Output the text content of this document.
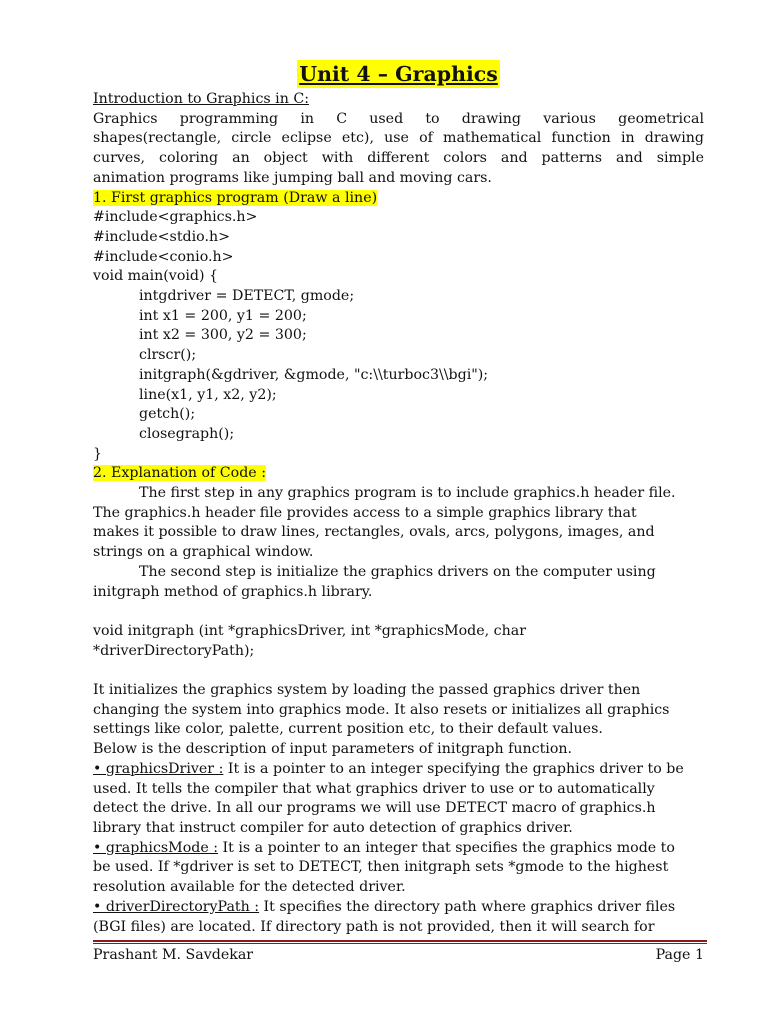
Unit 4 – Graphics
Introduction to Graphics in C:
Graphics programming in C used to drawing various geometrical
shapes(rectangle, circle eclipse etc), use of mathematical function in drawing
curves, coloring an object with different colors and patterns and simple
animation programs like jumping ball and moving cars.
1. First graphics program (Draw a line)
#include<graphics.h>
#include<stdio.h>
#include<conio.h>
void main(void) {
intgdriver = DETECT, gmode;
int x1 = 200, y1 = 200;
int x2 = 300, y2 = 300;
clrscr();
initgraph(&gdriver, &gmode, "c:\\turboc3\\bgi");
line(x1, y1, x2, y2);
getch();
closegraph();
}
2. Explanation of Code :
The first step in any graphics program is to include graphics.h header file.
The graphics.h header file provides access to a simple graphics library that
makes it possible to draw lines, rectangles, ovals, arcs, polygons, images, and
strings on a graphical window.
The second step is initialize the graphics drivers on the computer using
initgraph method of graphics.h library.
void initgraph (int *graphicsDriver, int *graphicsMode, char
*driverDirectoryPath);
It initializes the graphics system by loading the passed graphics driver then
changing the system into graphics mode. It also resets or initializes all graphics
settings like color, palette, current position etc, to their default values.
Below is the description of input parameters of initgraph function.
• graphicsDriver : It is a pointer to an integer specifying the graphics driver to be
used. It tells the compiler that what graphics driver to use or to automatically
detect the drive. In all our programs we will use DETECT macro of graphics.h
library that instruct compiler for auto detection of graphics driver.
• graphicsMode : It is a pointer to an integer that specifies the graphics mode to
be used. If *gdriver is set to DETECT, then initgraph sets *gmode to the highest
resolution available for the detected driver.
• driverDirectoryPath : It specifies the directory path where graphics driver files
(BGI files) are located. If directory path is not provided, then it will search for
Prashant M. Savdekar	Page 1
